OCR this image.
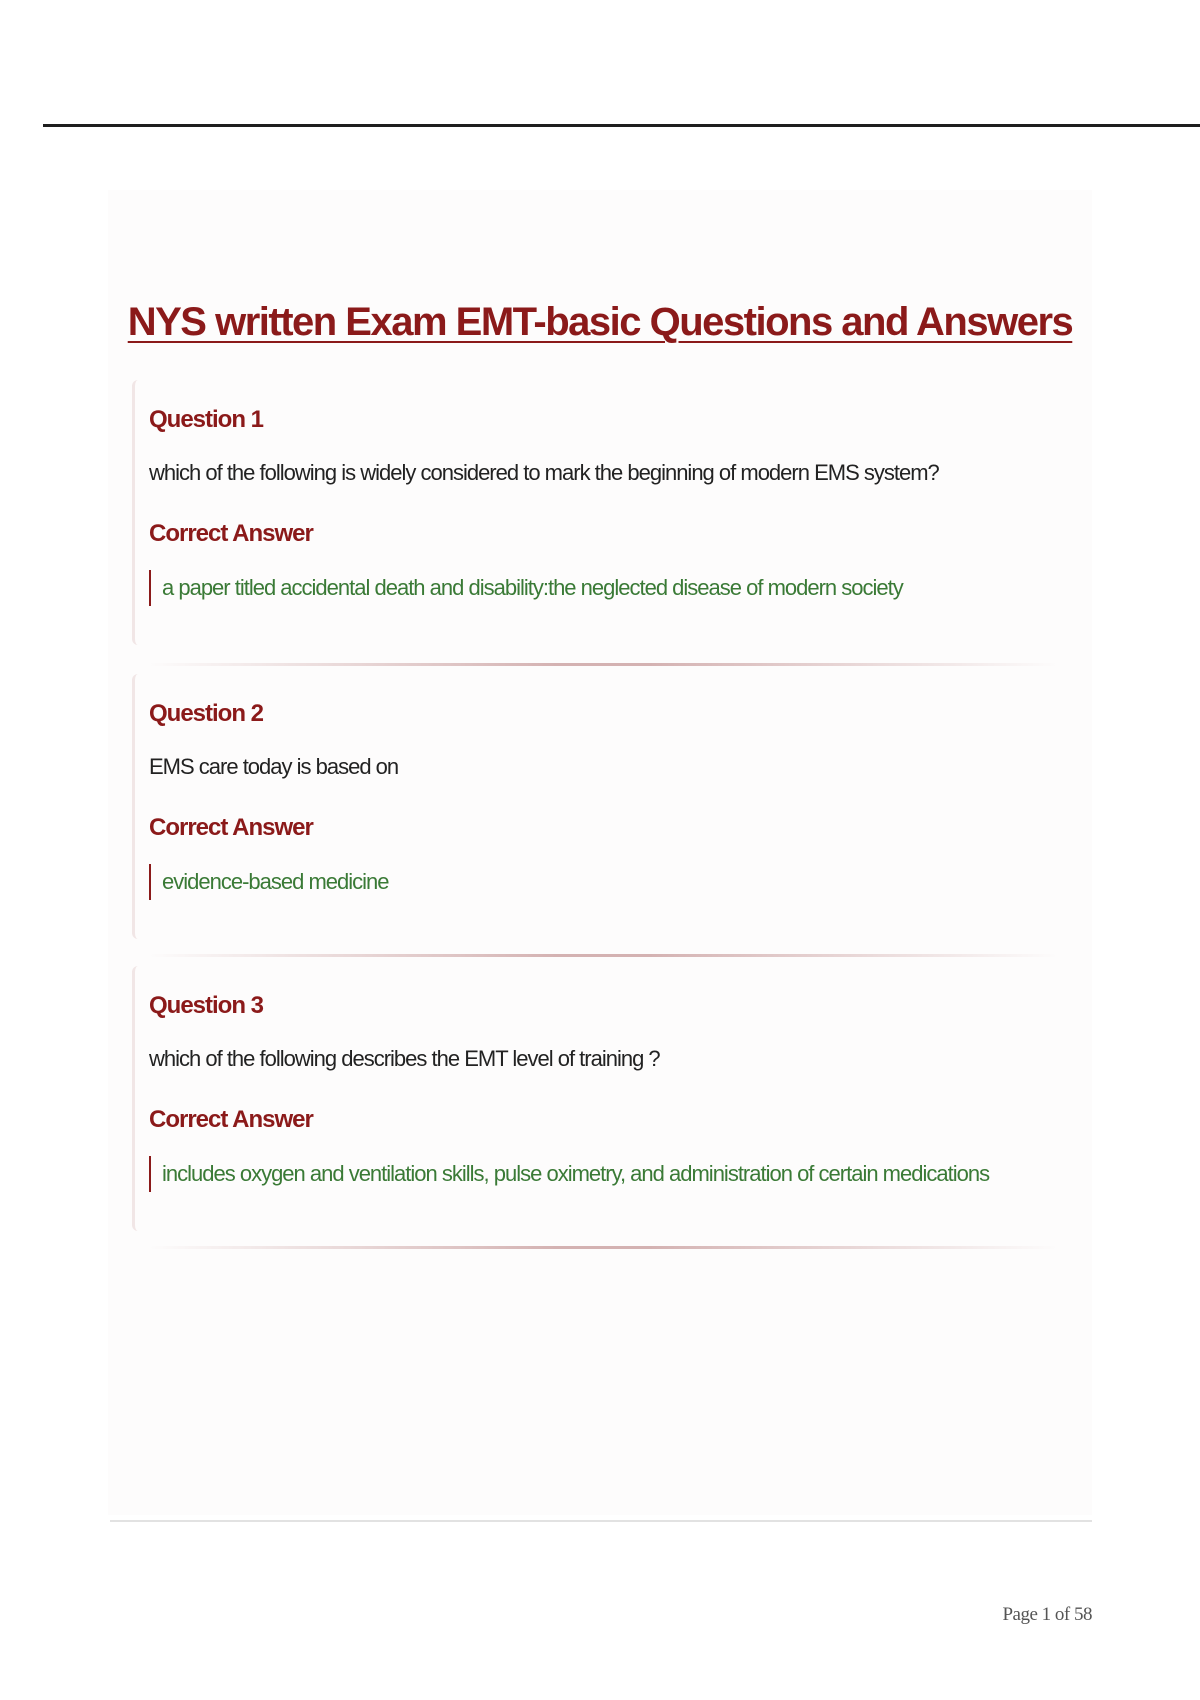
NYS written Exam EMT-basic Questions and Answers

Question 1

which of the following is widely considered to mark the beginning of modern EMS system?

Correct Answer

a paper titled accidental death and disability:the neglected disease of modern society

Question 2

EMS care today is based on

Correct Answer

evidence-based medicine

Question 3

which of the following describes the EMT level of training ?

Correct Answer

includes oxygen and ventilation skills, pulse oximetry, and administration of certain medications
Page 1 of 58
